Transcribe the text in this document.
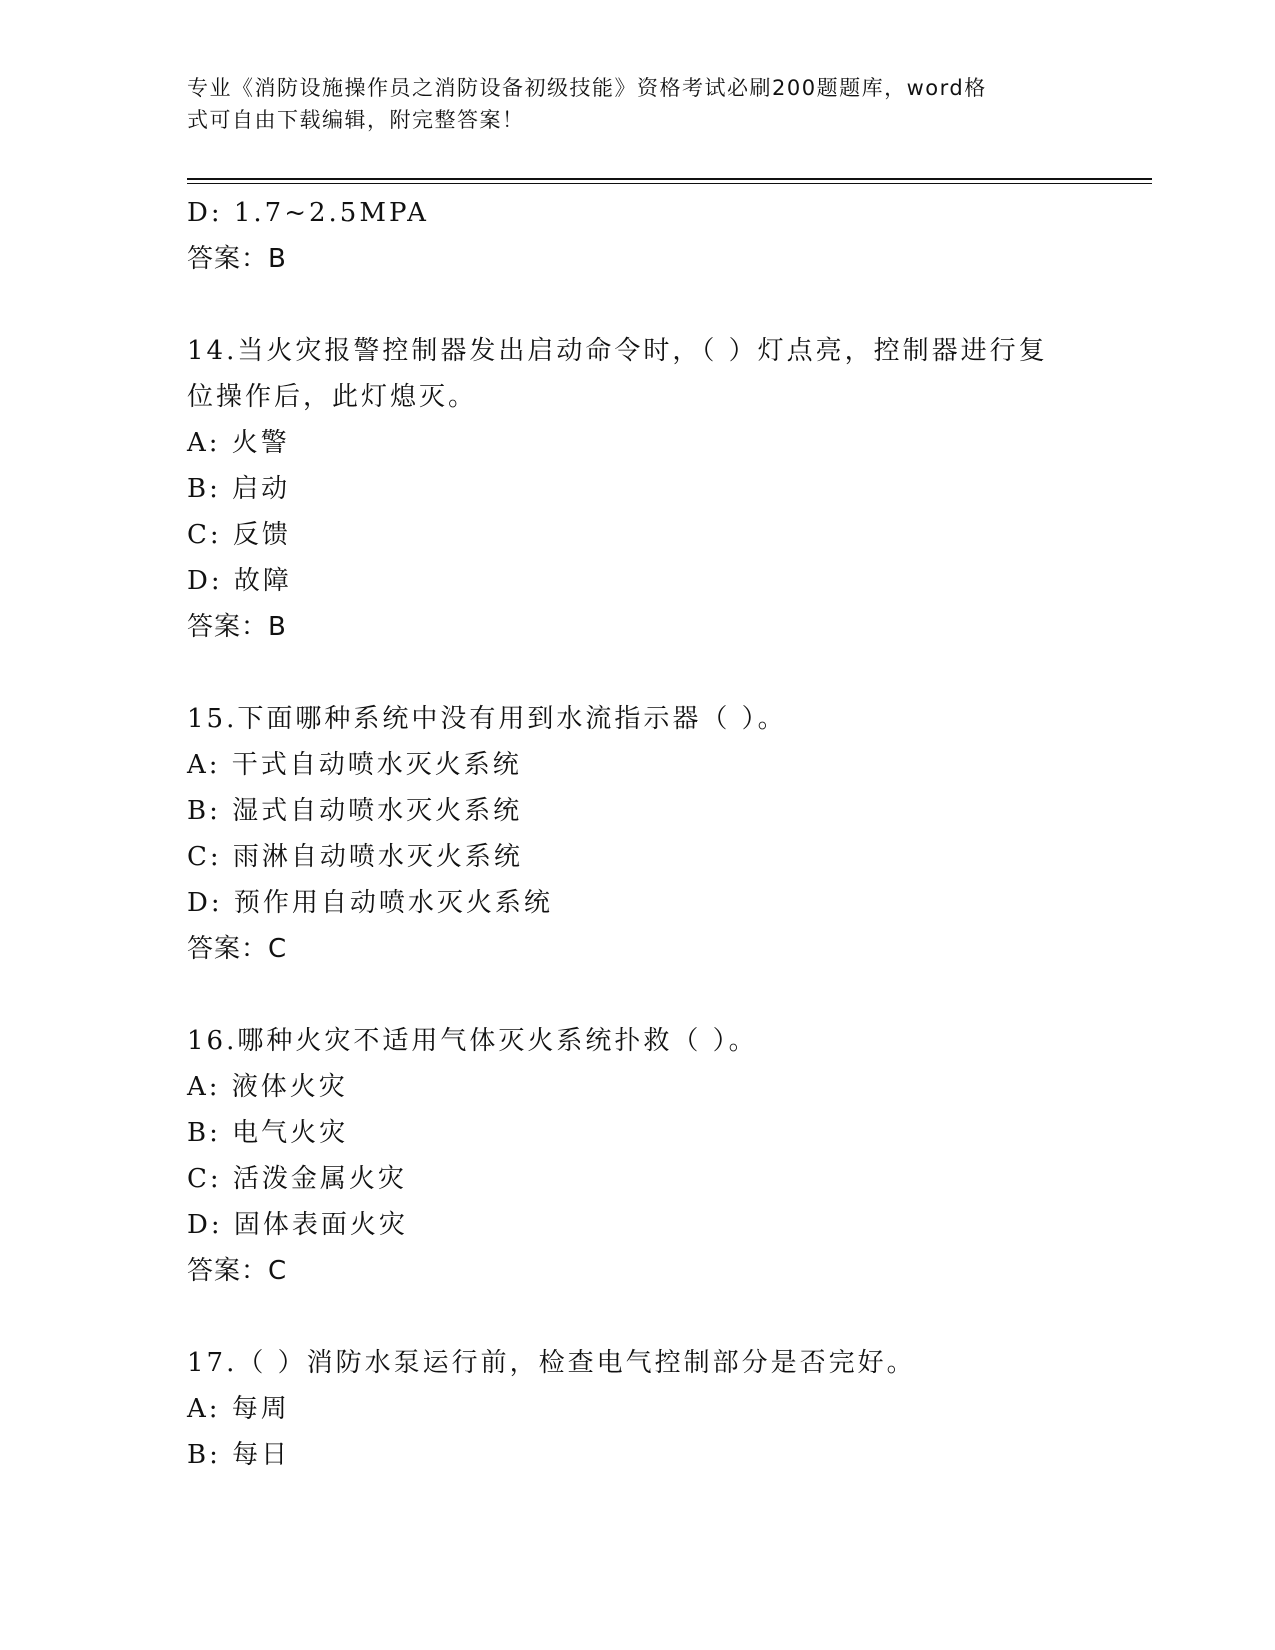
专业《消防设施操作员之消防设备初级技能》资格考试必刷200题题库，word格
式可自由下载编辑，附完整答案！
D: 1.7~2.5MPA
答案：B
14.当火灾报警控制器发出启动命令时，（ ）灯点亮，控制器进行复
位操作后，此灯熄灭。
A: 火警
B: 启动
C: 反馈
D: 故障
答案：B
15.下面哪种系统中没有用到水流指示器（ ）。
A: 干式自动喷水灭火系统
B: 湿式自动喷水灭火系统
C: 雨淋自动喷水灭火系统
D: 预作用自动喷水灭火系统
答案：C
16.哪种火灾不适用气体灭火系统扑救（ ）。
A: 液体火灾
B: 电气火灾
C: 活泼金属火灾
D: 固体表面火灾
答案：C
17.（ ）消防水泵运行前，检查电气控制部分是否完好。
A: 每周
B: 每日
